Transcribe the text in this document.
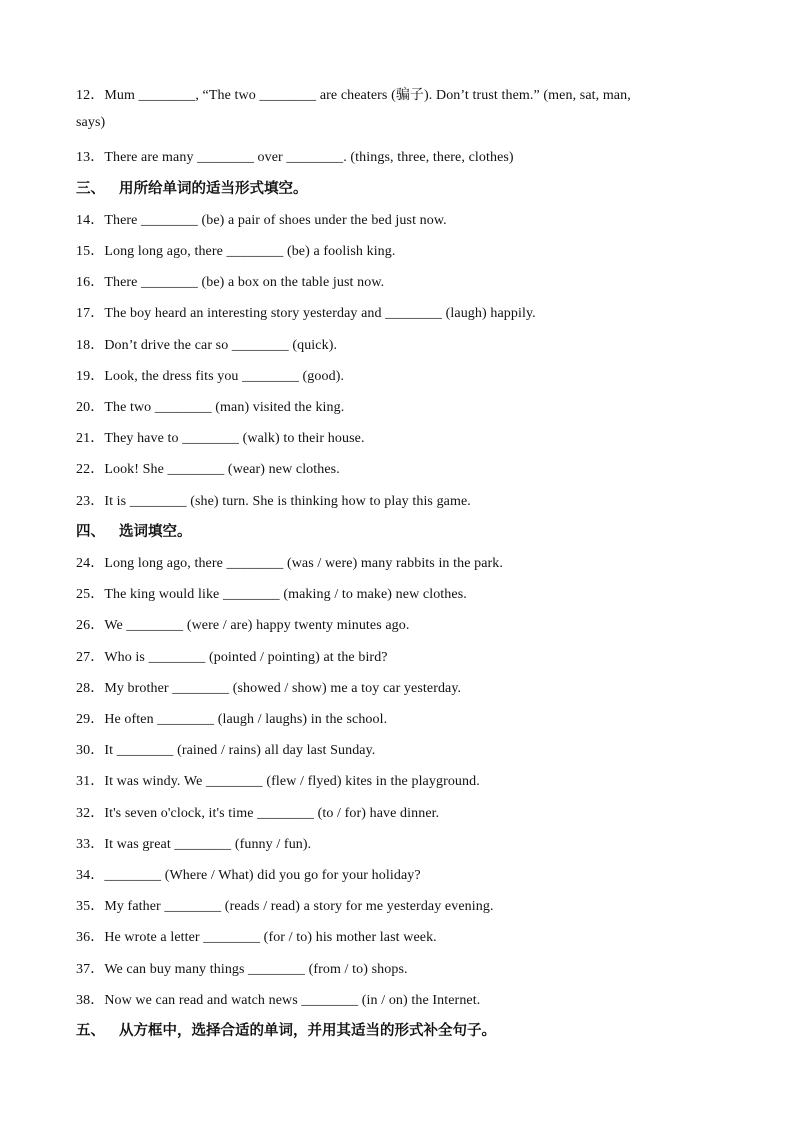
12．Mum ________, “The two ________ are cheaters (骗子). Don’t trust them.” (men, sat, man,
says)
13．There are many ________ over ________. (things, three, there, clothes)
三、 用所给单词的适当形式填空。
14．There ________ (be) a pair of shoes under the bed just now.
15．Long long ago, there ________ (be) a foolish king.
16．There ________ (be) a box on the table just now.
17．The boy heard an interesting story yesterday and ________ (laugh) happily.
18．Don’t drive the car so ________ (quick).
19．Look, the dress fits you ________ (good).
20．The two ________ (man) visited the king.
21．They have to ________ (walk) to their house.
22．Look! She ________ (wear) new clothes.
23．It is ________ (she) turn. She is thinking how to play this game.
四、 选词填空。
24．Long long ago, there ________ (was / were) many rabbits in the park.
25．The king would like ________ (making / to make) new clothes.
26．We ________ (were / are) happy twenty minutes ago.
27．Who is ________ (pointed / pointing) at the bird?
28．My brother ________ (showed / show) me a toy car yesterday.
29．He often ________ (laugh / laughs) in the school.
30．It ________ (rained / rains) all day last Sunday.
31．It was windy. We ________ (flew / flyed) kites in the playground.
32．It's seven o'clock, it's time ________ (to / for) have dinner.
33．It was great ________ (funny / fun).
34．________ (Where / What) did you go for your holiday?
35．My father ________ (reads / read) a story for me yesterday evening.
36．He wrote a letter ________ (for / to) his mother last week.
37．We can buy many things ________ (from / to) shops.
38．Now we can read and watch news ________ (in / on) the Internet.
五、 从方框中，选择合适的单词，并用其适当的形式补全句子。
